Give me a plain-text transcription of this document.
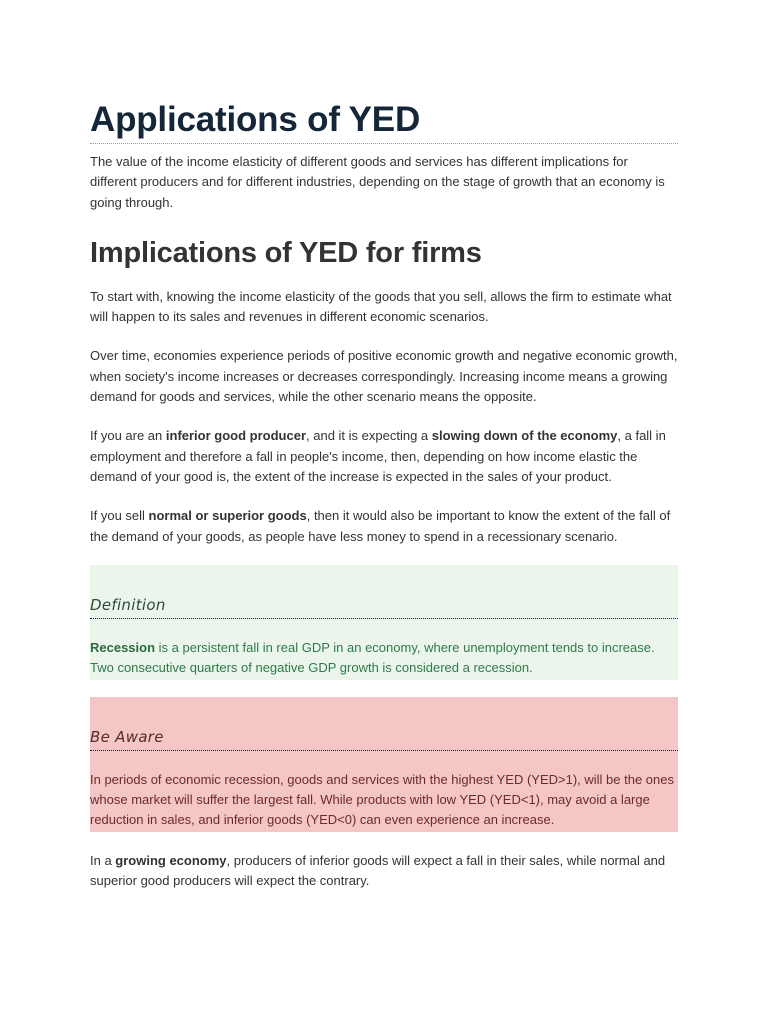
Applications of YED

The value of the income elasticity of different goods and services has different implications for different producers and for different industries, depending on the stage of growth that an economy is going through.

Implications of YED for firms

To start with, knowing the income elasticity of the goods that you sell, allows the firm to estimate what will happen to its sales and revenues in different economic scenarios.

Over time, economies experience periods of positive economic growth and negative economic growth, when society's income increases or decreases correspondingly. Increasing income means a growing demand for goods and services, while the other scenario means the opposite.

If you are an inferior good producer, and it is expecting a slowing down of the economy, a fall in employment and therefore a fall in people's income, then, depending on how income elastic the demand of your good is, the extent of the increase is expected in the sales of your product.

If you sell normal or superior goods, then it would also be important to know the extent of the fall of the demand of your goods, as people have less money to spend in a recessionary scenario.

Definition

Recession is a persistent fall in real GDP in an economy, where unemployment tends to increase. Two consecutive quarters of negative GDP growth is considered a recession.

Be Aware

In periods of economic recession, goods and services with the highest YED (YED>1), will be the ones whose market will suffer the largest fall. While products with low YED (YED<1), may avoid a large reduction in sales, and inferior goods (YED<0) can even experience an increase.

In a growing economy, producers of inferior goods will expect a fall in their sales, while normal and superior good producers will expect the contrary.
